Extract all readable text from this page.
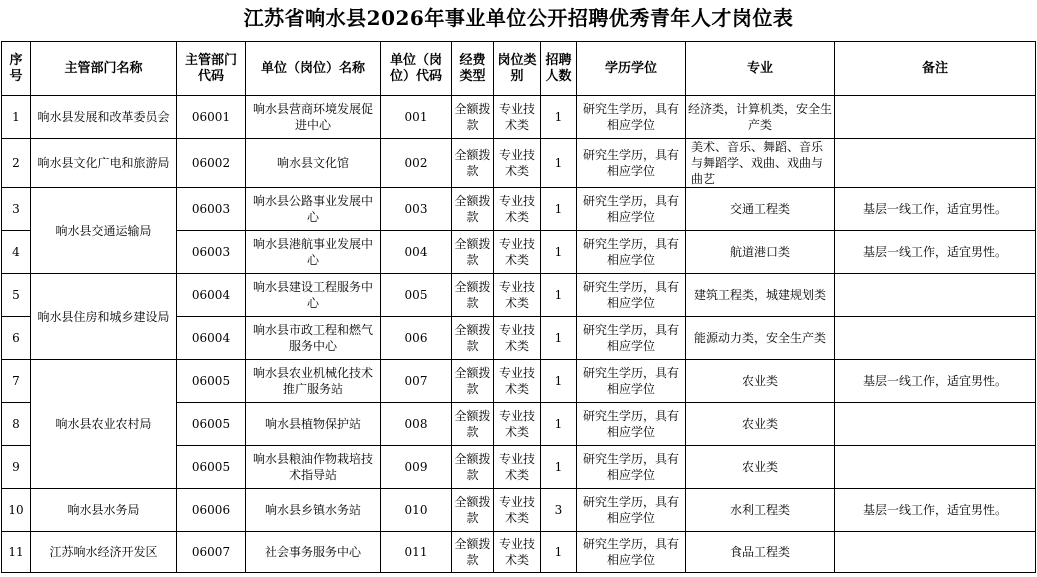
江苏省响水县2026年事业单位公开招聘优秀青年人才岗位表
序号	主管部门名称	主管部门代码	单位（岗位）名称	单位（岗位）代码	经费类型	岗位类别	招聘人数	学历学位	专业	备注
1	响水县发展和改革委员会	06001	响水县营商环境发展促进中心	001	全额拨款	专业技术类	1	研究生学历，具有相应学位	经济类，计算机类，安全生产类	
2	响水县文化广电和旅游局	06002	响水县文化馆	002	全额拨款	专业技术类	1	研究生学历，具有相应学位	美术、音乐、舞蹈、音乐与舞蹈学、戏曲、戏曲与曲艺	
3	响水县交通运输局	06003	响水县公路事业发展中心	003	全额拨款	专业技术类	1	研究生学历，具有相应学位	交通工程类	基层一线工作，适宜男性。
4		06003	响水县港航事业发展中心	004	全额拨款	专业技术类	1	研究生学历，具有相应学位	航道港口类	基层一线工作，适宜男性。
5	响水县住房和城乡建设局	06004	响水县建设工程服务中心	005	全额拨款	专业技术类	1	研究生学历，具有相应学位	建筑工程类，城建规划类	
6		06004	响水县市政工程和燃气服务中心	006	全额拨款	专业技术类	1	研究生学历，具有相应学位	能源动力类，安全生产类	
7	响水县农业农村局	06005	响水县农业机械化技术推广服务站	007	全额拨款	专业技术类	1	研究生学历，具有相应学位	农业类	基层一线工作，适宜男性。
8		06005	响水县植物保护站	008	全额拨款	专业技术类	1	研究生学历，具有相应学位	农业类	
9		06005	响水县粮油作物栽培技术指导站	009	全额拨款	专业技术类	1	研究生学历，具有相应学位	农业类	
10	响水县水务局	06006	响水县乡镇水务站	010	全额拨款	专业技术类	3	研究生学历，具有相应学位	水利工程类	基层一线工作，适宜男性。
11	江苏响水经济开发区	06007	社会事务服务中心	011	全额拨款	专业技术类	1	研究生学历，具有相应学位	食品工程类	
